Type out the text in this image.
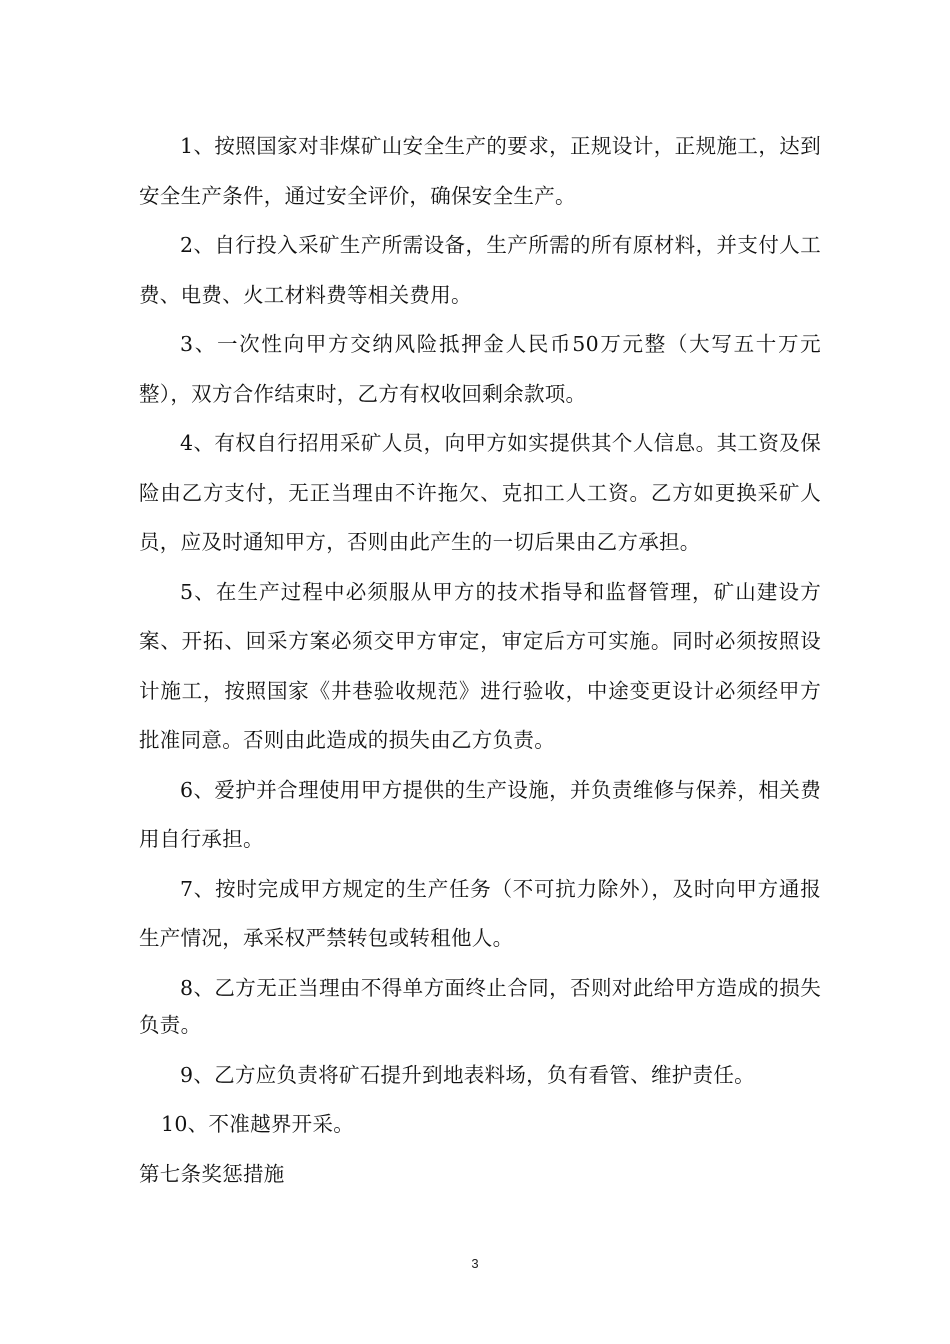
1、按照国家对非煤矿山安全生产的要求，正规设计，正规施工，达到安全生产条件，通过安全评价，确保安全生产。

2、自行投入采矿生产所需设备，生产所需的所有原材料，并支付人工费、电费、火工材料费等相关费用。

3、一次性向甲方交纳风险抵押金人民币50万元整（大写五十万元整），双方合作结束时，乙方有权收回剩余款项。

4、有权自行招用采矿人员，向甲方如实提供其个人信息。其工资及保险由乙方支付，无正当理由不许拖欠、克扣工人工资。乙方如更换采矿人员，应及时通知甲方，否则由此产生的一切后果由乙方承担。

5、在生产过程中必须服从甲方的技术指导和监督管理，矿山建设方案、开拓、回采方案必须交甲方审定，审定后方可实施。同时必须按照设计施工，按照国家《井巷验收规范》进行验收，中途变更设计必须经甲方批准同意。否则由此造成的损失由乙方负责。

6、爱护并合理使用甲方提供的生产设施，并负责维修与保养，相关费用自行承担。

7、按时完成甲方规定的生产任务（不可抗力除外），及时向甲方通报生产情况，承采权严禁转包或转租他人。

8、乙方无正当理由不得单方面终止合同，否则对此给甲方造成的损失负责。

9、乙方应负责将矿石提升到地表料场，负有看管、维护责任。

10、不准越界开采。

第七条奖惩措施

3
